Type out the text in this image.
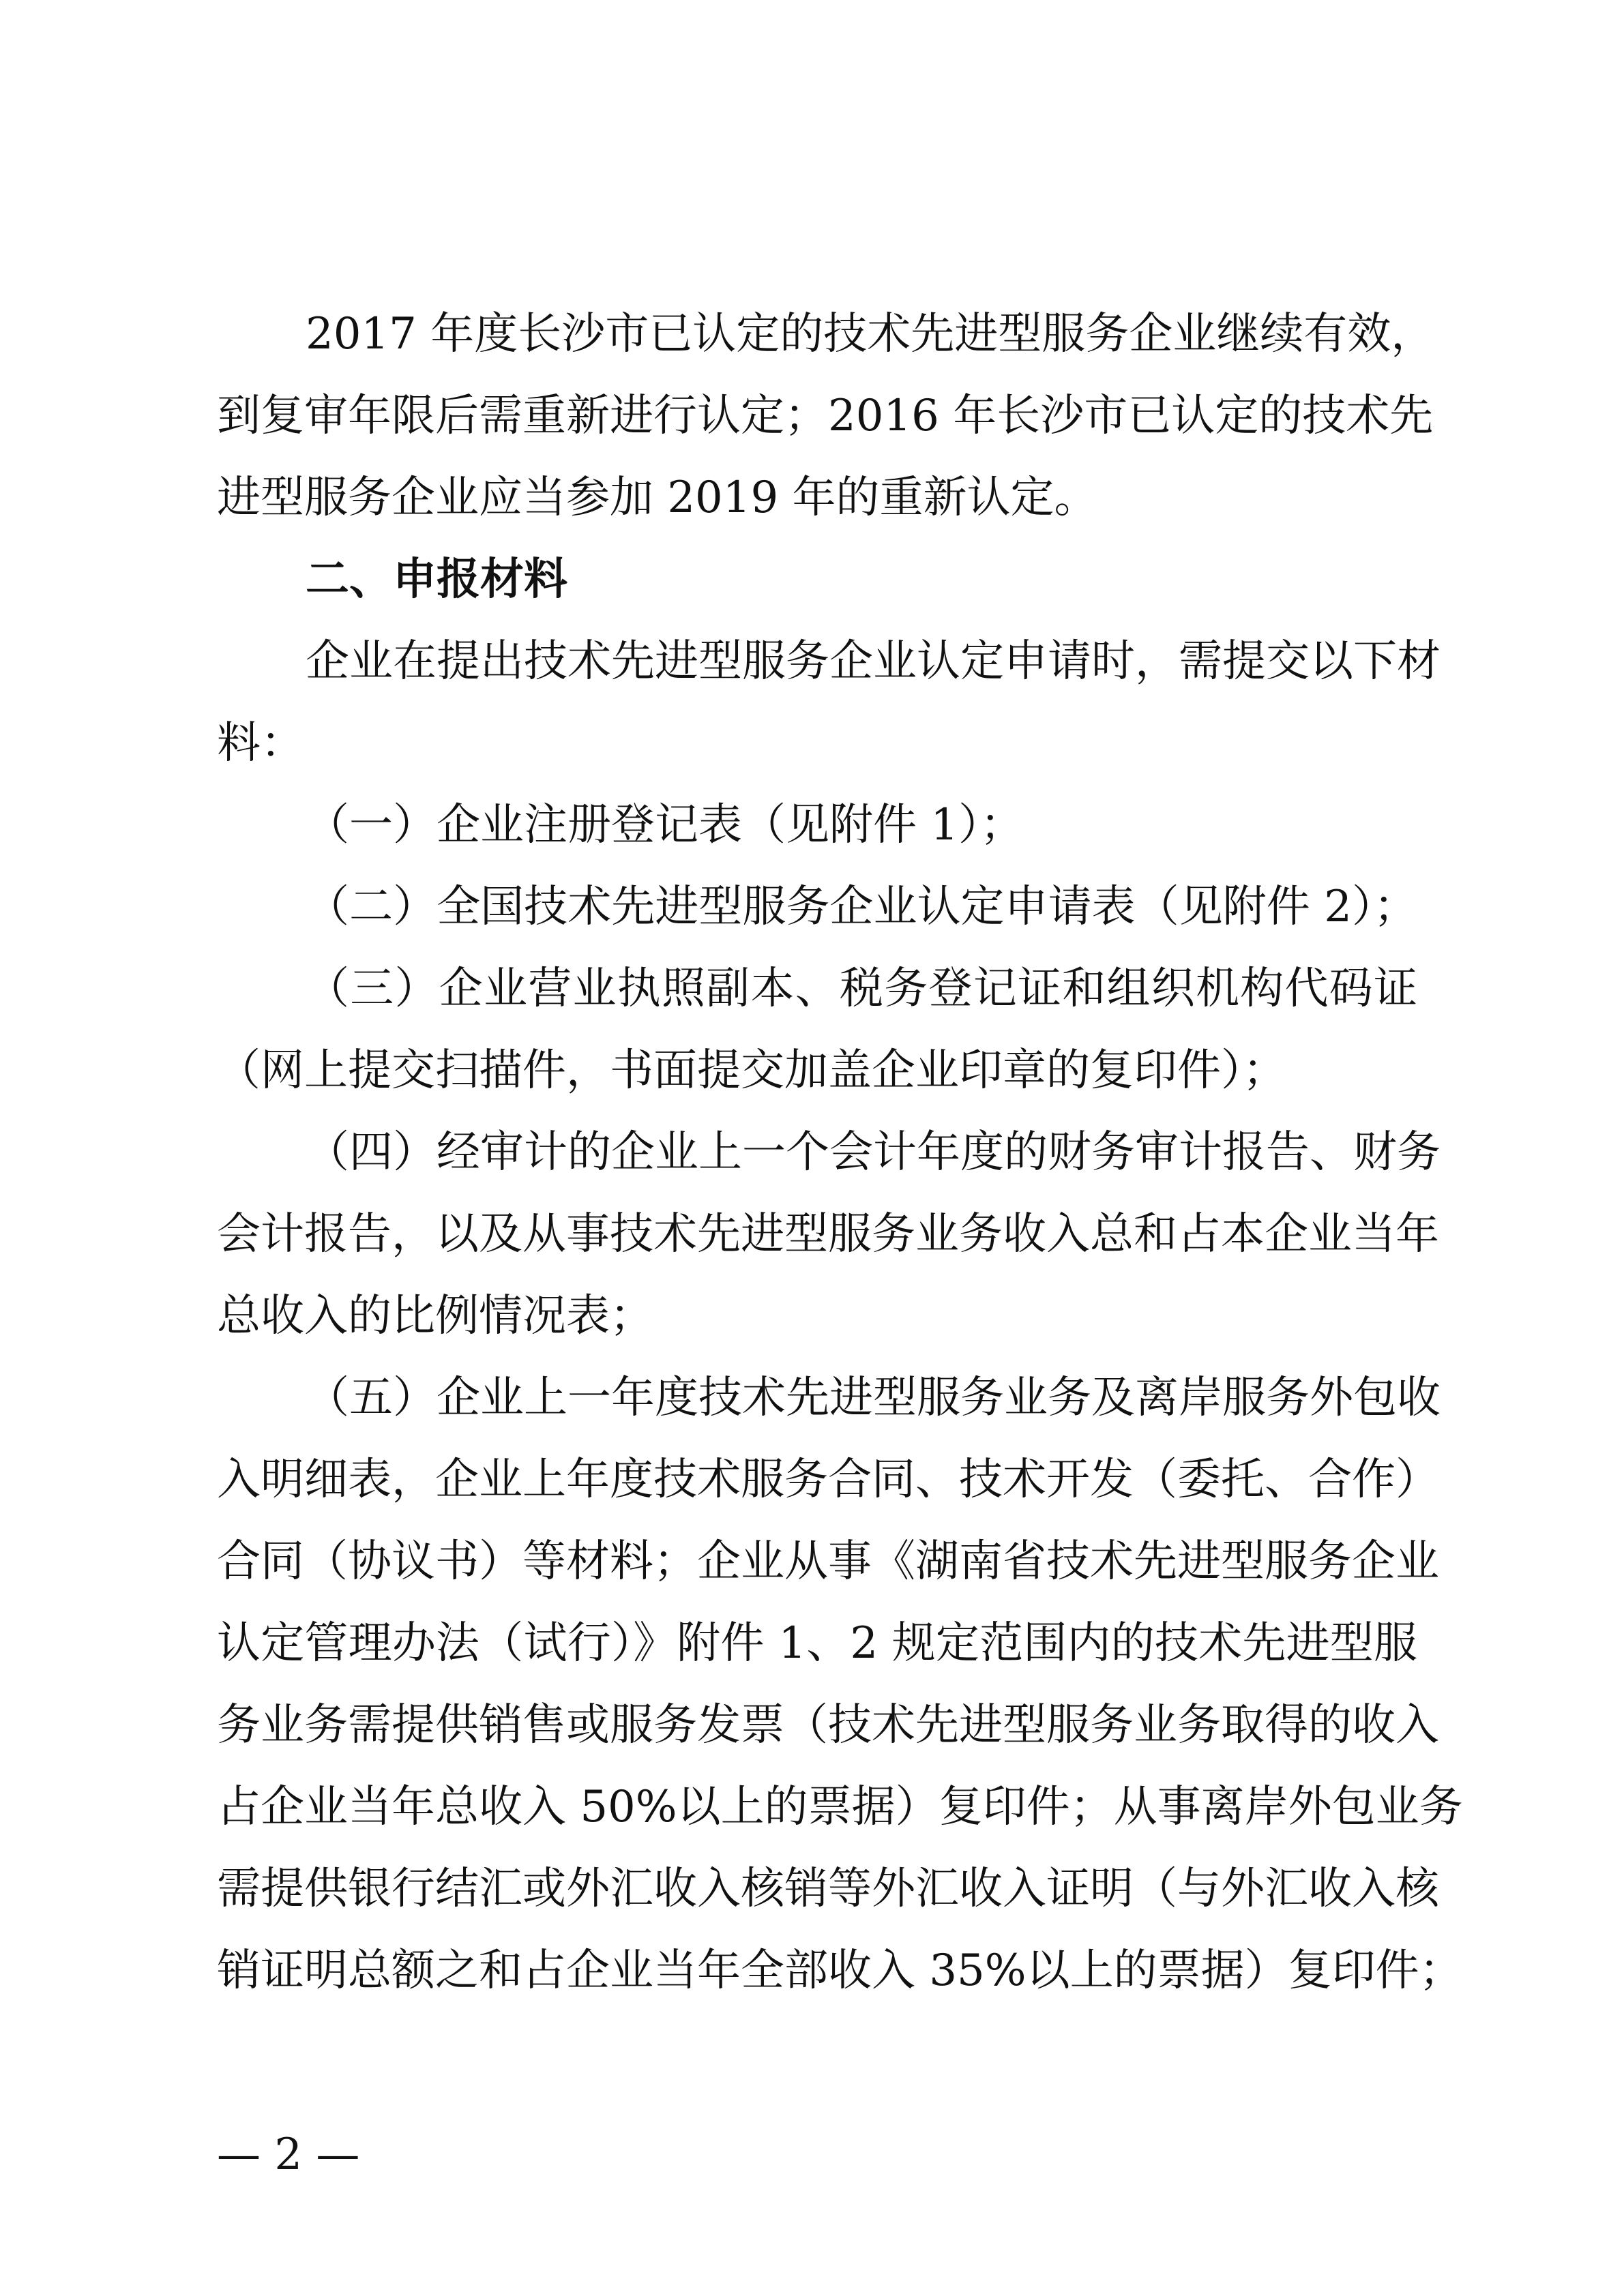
2017 年度长沙市已认定的技术先进型服务企业继续有效，
到复审年限后需重新进行认定；2016 年长沙市已认定的技术先
进型服务企业应当参加 2019 年的重新认定。
二、申报材料
企业在提出技术先进型服务企业认定申请时，需提交以下材
料：
（一）企业注册登记表（见附件 1）；
（二）全国技术先进型服务企业认定申请表（见附件 2）；
（三）企业营业执照副本、税务登记证和组织机构代码证
（网上提交扫描件，书面提交加盖企业印章的复印件）；
（四）经审计的企业上一个会计年度的财务审计报告、财务
会计报告，以及从事技术先进型服务业务收入总和占本企业当年
总收入的比例情况表；
（五）企业上一年度技术先进型服务业务及离岸服务外包收
入明细表，企业上年度技术服务合同、技术开发（委托、合作）
合同（协议书）等材料；企业从事《湖南省技术先进型服务企业
认定管理办法（试行）》附件 1、2 规定范围内的技术先进型服
务业务需提供销售或服务发票（技术先进型服务业务取得的收入
占企业当年总收入 50%以上的票据）复印件；从事离岸外包业务
需提供银行结汇或外汇收入核销等外汇收入证明（与外汇收入核
销证明总额之和占企业当年全部收入 35%以上的票据）复印件；
— 2 —
